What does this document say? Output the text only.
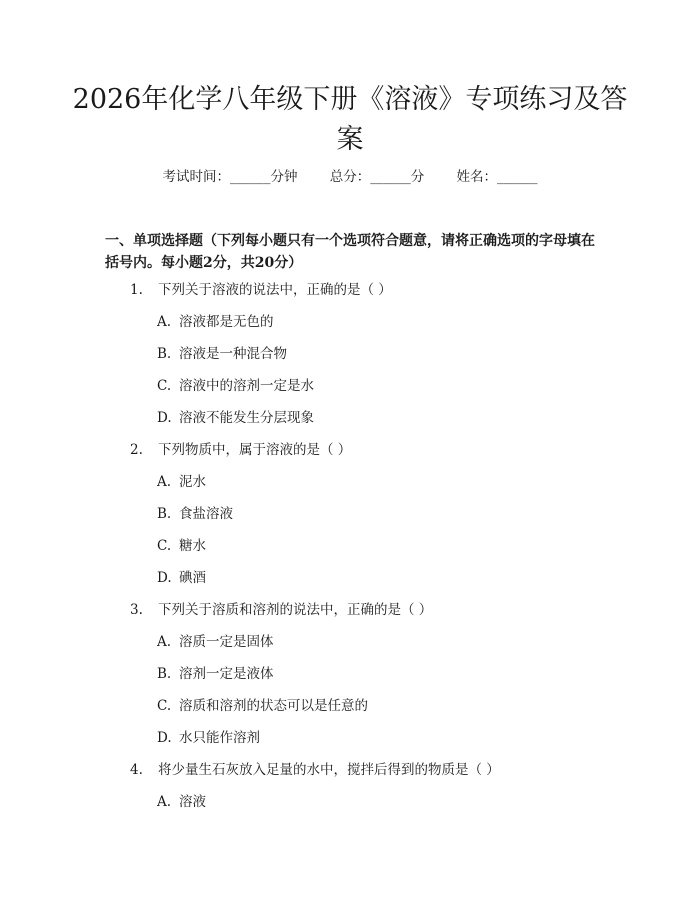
2026年化学八年级下册《溶液》专项练习及答案
考试时间：______分钟 总分：______分 姓名：______
一、单项选择题（下列每小题只有一个选项符合题意，请将正确选项的字母填在括号内。每小题2分，共20分）
1. 下列关于溶液的说法中，正确的是（ ）
A. 溶液都是无色的
B. 溶液是一种混合物
C. 溶液中的溶剂一定是水
D. 溶液不能发生分层现象
2. 下列物质中，属于溶液的是（ ）
A. 泥水
B. 食盐溶液
C. 糖水
D. 碘酒
3. 下列关于溶质和溶剂的说法中，正确的是（ ）
A. 溶质一定是固体
B. 溶剂一定是液体
C. 溶质和溶剂的状态可以是任意的
D. 水只能作溶剂
4. 将少量生石灰放入足量的水中，搅拌后得到的物质是（ ）
A. 溶液
